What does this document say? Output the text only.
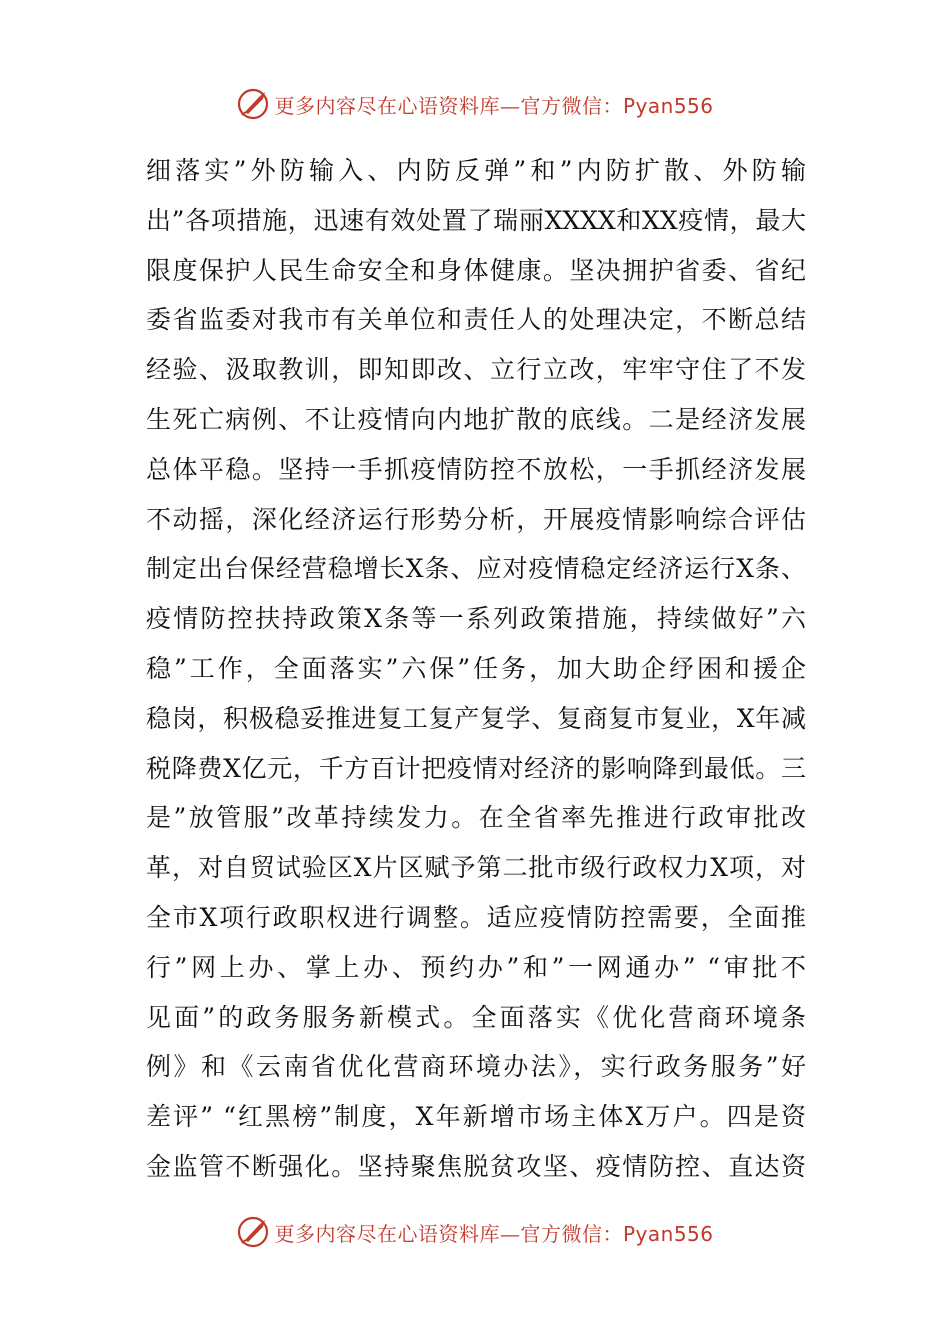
更多内容尽在心语资料库—官方微信：Pyan556
细落实”外防输入、内防反弹”和”内防扩散、外防输
出”各项措施，迅速有效处置了瑞丽XXXX和XX疫情，最大
限度保护人民生命安全和身体健康。坚决拥护省委、省纪
委省监委对我市有关单位和责任人的处理决定，不断总结
经验、汲取教训，即知即改、立行立改，牢牢守住了不发
生死亡病例、不让疫情向内地扩散的底线。二是经济发展
总体平稳。坚持一手抓疫情防控不放松，一手抓经济发展
不动摇，深化经济运行形势分析，开展疫情影响综合评估
制定出台保经营稳增长X条、应对疫情稳定经济运行X条、
疫情防控扶持政策X条等一系列政策措施，持续做好”六
稳”工作，全面落实”六保”任务，加大助企纾困和援企
稳岗，积极稳妥推进复工复产复学、复商复市复业，X年减
税降费X亿元，千方百计把疫情对经济的影响降到最低。三
是”放管服”改革持续发力。在全省率先推进行政审批改
革，对自贸试验区X片区赋予第二批市级行政权力X项，对
全市X项行政职权进行调整。适应疫情防控需要，全面推
行”网上办、掌上办、预约办”和”一网通办” “审批不
见面”的政务服务新模式。全面落实《优化营商环境条
例》和《云南省优化营商环境办法》，实行政务服务”好
差评” “红黑榜”制度，X年新增市场主体X万户。四是资
金监管不断强化。坚持聚焦脱贫攻坚、疫情防控、直达资
更多内容尽在心语资料库—官方微信：Pyan556
